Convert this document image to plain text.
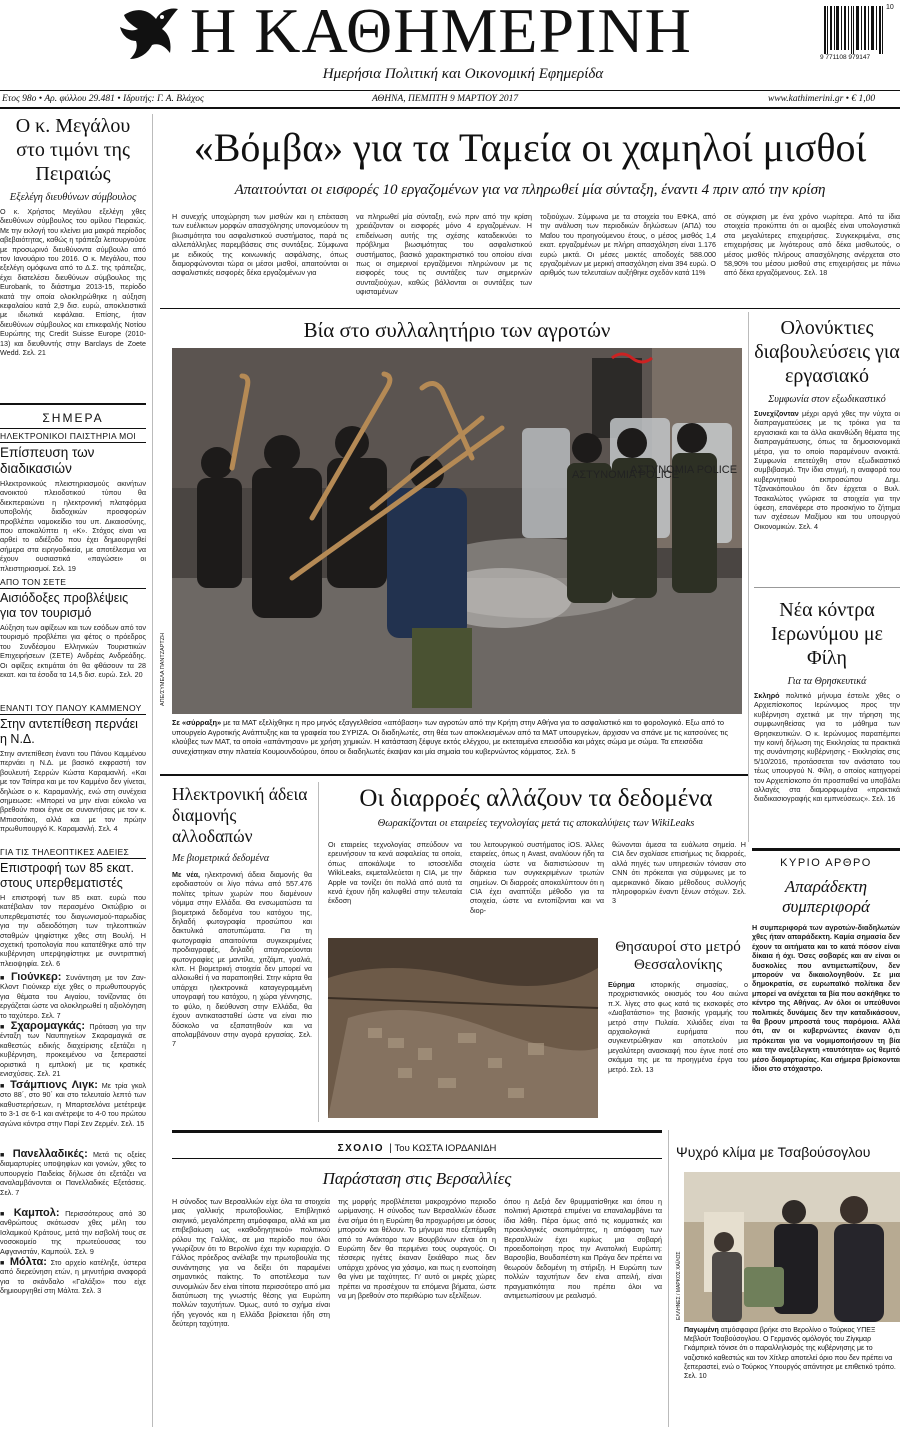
Η ΚΑΘΗΜΕΡΙΝΗ
Ημερήσια Πολιτική και Οικονομική Εφημερίδα
10
9 771108 979147
Ετος 98ο • Αρ. φύλλου 29.481 • Ιδρυτής: Γ. Α. Βλάχος	ΑΘΗΝΑ, ΠΕΜΠΤΗ 9 ΜΑΡΤΙΟΥ 2017	www.kathimerini.gr • € 1,00
Ο κ. Μεγάλου στο τιμόνι της Πειραιώς
Εξελέγη διευθύνων σύμβουλος
Ο κ. Χρήστος Μεγάλου εξελέγη χθες διευθύνων σύμβουλος του ομίλου Πειραιώς. Με την εκλογή του κλείνει μια μακρά περίοδος αβεβαιότητας, καθώς η τράπεζα λειτουργούσε με προσωρινό διευθύνοντα σύμβουλο από τον Ιανουάριο του 2016. Ο κ. Μεγάλου, που εξελέγη ομόφωνα από το Δ.Σ. της τράπεζας, έχει διατελέσει διευθύνων σύμβουλος της Eurobank, το διάστημα 2013-15, περίοδο κατά την οποία ολοκληρώθηκε η αύξηση κεφαλαίου κατά 2,9 δισ. ευρώ, αποκλειστικά με ιδιωτικά κεφάλαια. Επίσης, ήταν διευθύνων σύμβουλος και επικεφαλής Νοτίου Ευρώπης της Credit Suisse Europe (2010-13) και διευθυντής στην Barclays de Zoete Wedd. Σελ. 21
ΣΗΜΕΡΑ
ΗΛΕΚΤΡΟΝΙΚΟΙ ΠΑΙΣΤΗΡΙΑ ΜΟΙ
Επίσπευση των διαδικασιών
Ηλεκτρονικούς πλειστηριασμούς ακινήτων ανοικτού πλειοδοτικού τύπου θα διεκπεραιώνει η ηλεκτρονική πλατφόρμα υποβολής διαδοχικών προσφορών προβλέπει ναμοκείδιο του υπ. Δικαιοσύνης, που αποκαλύπτει η «Κ». Στόχος είναι να αρθεί το αδιέξοδο που έχει δημιουργηθεί σήμερα στα ειρηνοδικεία, με αποτέλεσμα να έχουν ουσιαστικά «παγώσει» οι πλειστηριασμοί. Σελ. 19
ΑΠΟ ΤΟΝ ΣΕΤΕ
Αισιόδοξες προβλέψεις για τον τουρισμό
Αύξηση των αφίξεων και των εσόδων από τον τουρισμό προβλέπει για φέτος ο πρόεδρος του Συνδέσμου Ελληνικών Τουριστικών Επιχειρήσεων (ΣΕΤΕ) Ανδρέας Ανδρεάδης. Οι αφίξεις εκτιμάται ότι θα φθάσουν τα 28 εκατ. και τα έσοδα τα 14,5 δισ. ευρώ. Σελ. 20
ΕΝΑΝΤΙ ΤΟΥ ΠΑΝΟΥ ΚΑΜΜΕΝΟΥ
Στην αντεπίθεση περνάει η Ν.Δ.
Στην αντεπίθεση έναντι του Πάνου Καμμένου περνάει η Ν.Δ. με βασικό εκφραστή τον βουλευτή Σερρών Κώστα Καραμανλή. «Και με τον Τσίπρα και με τον Καμμένο δεν γίνεται, δηλώσε ο κ. Καραμανλής, ενώ στη συνέχεια σημειωσε: «Μπορεί να μην είναι εύκολο να βρεθούν ποιοι έγινε σε συναντήσεις με τον κ. Μπισοτάκη, αλλά και με τον πρώην πρωθυπουργό Κ. Καραμανλή. Σελ. 4
ΓΙΑ ΤΙΣ ΤΗΛΕΟΠΤΙΚΕΣ ΑΔΕΙΕΣ
Επιστροφή των 85 εκατ. στους υπερθεματιστές
Η επιστροφή των 85 εκατ. ευρώ που κατέβαλαν τον περασμένο Οκτώβριο οι υπερθεματιστές του διαγωνισμού-παρωδίας για την αδειοδότηση των τηλεοπτικών σταθμών ψηφίστηκε χθες στη Βουλή. Η σχετική τροπολογία που κατατέθηκε από την κυβέρνηση υπερψηφίστηκε με συντριπτική πλειοψηφία. Σελ. 6
■ Γιούνκερ: Συνάντηση με τον Ζαν-Κλοντ Γιούνκερ είχε χθες ο πρωθυπουργός για θέματα του Αιγαίου, τονίζοντας ότι εργάζεται ώστε να ολοκληρωθεί η αξιολόγηση το ταχύτερο. Σελ. 7
■ Σχαρομαγκάς: Πρόταση για την ένταξη των Ναυπηγείων Σκαραμαγκά σε καθεστώς ειδικής διαχείρισης εξετάζει η κυβέρνηση, προκειμένου να ξεπεραστεί οριστικά η εμπλοκή με τις κρατικές ενισχύσεις. Σελ. 21
■ Τσάμπιονς Λιγκ: Με τρία γκολ στο 88΄, στο 90΄ και στο τελευταίο λεπτό των καθυστερήσεων, η Μπαρτσελόνα μετέτρεψε το 3-1 σε 6-1 και ανέτρεψε το 4-0 του πρώτου αγώνα κόντρα στην Παρί Σεν Ζερμέν. Σελ. 15
■ Πανελλαδικές: Μετά τις οξείες διαμαρτυρίες υποψηφίων και γονιών, χθες το υπουργείο Παιδείας δήλωσε ότι εξετάζει να αναλαμβάνονται οι Πανελλαδικές Εξετάσεις. Σελ. 7
■ Καμπολ: Περισσότερους από 30 ανθρώπους σκότωσαν χθες μέλη του Ισλαμικού Κράτους, μετά την εισβολή τους σε νοσοκομείο της πρωτεύουσας του Αφγανιστάν, Καμπούλ. Σελ. 9
■ Μόλτα: Στο αρχείο κατέληξε, ύστερα από διερεύνηση ετών, η μηνυτήρια αναφορά για το σκάνδαλο «Γαλάξιο» που είχε δημιουργηθεί στη Μάλτα. Σελ. 3
«Βόμβα» για τα Ταμεία οι χαμηλοί μισθοί
Απαιτούνται οι εισφορές 10 εργαζομένων για να πληρωθεί μία σύνταξη, έναντι 4 πριν από την κρίση
Η συνεχής υποχώρηση των μισθών και η επέκταση των ευέλικτων μορφών απασχόλησης υπονομεύουν τη βιωσιμότητα του ασφαλιστικού συστήματος, παρά τις αλλεπάλληλες παρεμβάσεις στις συντάξεις. Σύμφωνα με ειδικούς της κοινωνικής ασφάλισης, όπως διαμορφώνονται τώρα οι μέσοι μισθοί, απαιτούνται οι ασφαλιστικές εισφορές δέκα εργαζομένων για
να πληρωθεί μία σύνταξη, ενώ πριν από την κρίση χρειάζονταν οι εισφορές μόνο 4 εργαζομένων. Η επιδείνωση αυτής της σχέσης καταδεικνύει το πρόβλημα βιωσιμότητας του ασφαλιστικού συστήματος, βασικό χαρακτηριστικό του οποίου είναι πως οι σημερινοί εργαζόμενοι πληρώνουν με τις εισφορές τους τις συντάξεις των σημερινών συνταξιούχων, καθώς βάλλονται οι συντάξεις των υφισταμένων
τοξιούχων. Σύμφωνα με τα στοιχεία του ΕΦΚΑ, από την ανάλυση των περιοδικών δηλώσεων (ΑΠΔ) του Μαΐου του προηγούμενου έτους, ο μέσος μισθός 1,4 εκατ. εργαζομένων με πλήρη απασχόληση είναι 1.176 ευρώ μικτά. Οι μέσες μεικτές αποδοχές 588.000 εργαζομένων με μερική απασχόληση είναι 394 ευρώ. Ο αριθμός των τελευταίων αυξήθηκε σχεδόν κατά 11%
σε σύγκριση με ένα χρόνο νωρίτερα. Από τα ίδια στοιχεία προκύπτει ότι οι αμοιβές είναι υπολογιστικά στα μεγαλύτερες επιχειρήσεις. Συγκεκριμένα, στις επιχειρήσεις με λιγότερους από δέκα μισθωτούς, ο μέσος μισθός πλήρους απασχόλησης ανέρχεται στο 58,90% του μέσου μισθού στις επιχειρήσεις με πάνω από δέκα εργαζόμενους. Σελ. 18
Βία στο συλλαλητήριο των αγροτών
ΑΣΤΥΝΟΜΙΑ POLICE
ΑΣΤΥΝΟΜΙΑ POLICE
ΑΠΕ/ΣΥΜΕΛΑ ΠΑΝΤΖΑΡΤΖΗ
Σε «σύρραξη» με τα ΜΑΤ εξελίχθηκε η προ μηνός εξαγγελθείσα «απόβαση» των αγροτών από την Κρήτη στην Αθήνα για το ασφαλιστικό και το φορολογικό. Εξω από το υπουργείο Αγροτικής Ανάπτυξης και τα γραφεία του ΣΥΡΙΖΑ. Οι διαδηλωτές, στη θέα των αποκλεισμένων από τα ΜΑΤ υπουργείων, άρχισαν να σπάνε με τις κατσούνες τις κλούβες των ΜΑΤ, τα οποία «απάντησαν» με χρήση χημικών. Η κατάσταση ξέφυγε εκτός ελέγχου, με εκτεταμένα επεισόδια και μάχες σώμα με σώμα. Τα επεισόδια συνεχίστηκαν στην πλατεία Κουμουνδούρου, όπου οι διαδηλωτές έκαψαν και μία σημαία του κυβερνώντος κόμματος. Σελ. 5
Ολονύκτιες διαβουλεύσεις για εργασιακό
Συμφωνία στον εξωδικαστικό
Συνεχίζονταν μέχρι αργά χθες την νύχτα οι διαπραγματεύσεις με τις τρόικα για τα εργασιακά και τα άλλα ακανθώδη θέματα της διαπραγμάτευσης, όπως τα δημοσιονομικά μέτρα, για το οποίο παραμένουν ανοικτά. Συμφωνία επετεύχθη στον εξωδικαστικό συμβιβασμό. Την ίδια στιγμή, η αναφορά του κυβερνητικού εκπροσώπου Δημ. Τζανακόπουλου ότι δεν έρχεται ο Βυιλ. Τσακαλώτος γνώρισε τα στοιχεία για την ύφεση, επανέφερε στο προσκήνιο το ζήτημα των σχέσεων Μαξίμου και του υπουργού Οικονομικών. Σελ. 4
Νέα κόντρα Ιερωνύμου με Φίλη
Για τα Θρησκευτικά
Σκληρό πολιτικό μήνυμα έστειλε χθες ο Αρχιεπίσκοπος Ιερώνυμος προς την κυβέρνηση σχετικά με την τήρηση της συμφωνηθείσας για το μάθημα των Θρησκευτικών. Ο κ. Ιερώνυμος παραπέμπει την κοινή δήλωση της Εκκλησίας τα πρακτικά της συνάντησης κυβέρνησης - Εκκλησίας στις 5/10/2016, προτάσσεται τον ανάστατο του τέως υπουργού Ν. Φίλη, ο οποίος κατηγορεί τον Αρχιεπίσκοπο ότι προσπαθεί να υποβάλει αλλαγές στα διαμορφωμένα «πρακτικά διαδικασιογραφής και εμπνεύσεως». Σελ. 16
ΚΥΡΙΟ ΑΡΘΡΟ
Απαράδεκτη συμπεριφορά
Η συμπεριφορά των αγροτών-διαδηλωτών χθες ήταν απαράδεκτη. Καμία σημασία δεν έχουν τα αιτήματα και το κατά πόσον είναι δίκαια ή όχι. Όσες σοβαρές και αν είναι οι δυσκολίες που αντιμετωπίζουν, δεν μπορούν να δικαιολογηθούν. Σε μια δημοκρατία, σε ευρωπαϊκό πολίτικα δεν μπορεί να ανέχεται τα βία που ασκήθηκε το κέντρο της Αθήνας. Αν όλοι οι υπεύθυνοι πολιτικές δυνάμεις δεν την καταδικάσουν, θα βρουν μπροστά τους παρόμοια. Αλλά ότι, αν οι κυβερνώντες έκαναν ό,τι πρόκειται για να νομιμοποιήσουν τη βία και την ανεξέλεγκτη «ταυτότητα» ως θεμιτό μέσο διαμαρτυρίας. Και σήμερα βρίσκονται ίδιοι στο στόχαστρο.
Ψυχρό κλίμα με Τσαβούσογλου
ΕΛΛΗΝΕΣ / ΜΑΡΚΟΣ ΧΑΪΛΟΣ
Παγωμένη ατμόσφαιρα βρήκε στο Βερολίνο ο Τούρκος ΥΠΕΞ Μεβλούτ Τσαβούσογλου. Ο Γερμανός ομόλογός του Ζίγκμαρ Γκάμπριελ τόνισε ότι ο παραλληλισμός της κυβέρνησης με το ναζιστικό καθεστώς και τον Χίτλερ αποτελεί όριο που δεν πρέπει να ξεπεραστεί, ενώ ο Τούρκος Υπουργός απάντησε με επιθετικό τρόπο. Σελ. 10
Ηλεκτρονική άδεια διαμονής αλλοδαπών
Με βιομετρικά δεδομένα
Με νέα, ηλεκτρονική άδεια διαμονής θα εφοδιαστούν οι λίγο πάνω από 557.476 πολίτες τρίτων χωρών που διαμένουν νόμιμα στην Ελλάδα. Θα ενσωματώσει τα βιομετρικά δεδομένα του κατόχου της, δηλαδή φωτογραφία προσώπου και δακτυλικά αποτυπώματα. Για τη φωτογραφία απαιτούνται συγκεκριμένες προδιαγραφές, δηλαδή απαγορεύονται φωτογραφίες με μαντίλα, χιτζάμπ, γυαλιά, κλπ. Η βιομετρική στοιχεία δεν μπορεί να αλλοιωθεί ή να παραποιηθεί. Στην κάρτα θα υπάρχει ηλεκτρονικά καταγεγραμμένη υπογραφή του κατόχου, η χώρα γέννησης, το φύλο, η διεύθυνση στην Ελλάδα, θα έχουν αντικατασταθεί ώστε να είναι πιο δύσκολο να εξαπατηθούν και να απολαμβάνουν στην αγορά εργασίας. Σελ. 7
Οι διαρροές αλλάζουν τα δεδομένα
Θωρακίζονται οι εταιρείες τεχνολογίας μετά τις αποκαλύψεις των WikiLeaks
Οι εταιρείες τεχνολογίας σπεύδουν να ερευνήσουν τα κενά ασφαλείας τα οποία, όπως αποκάλυψε το ιστοσελίδα WikiLeaks, εκμεταλλεύεται η CIA, με την Apple να τονίζει ότι πολλά από αυτά τα κενά έχουν ήδη καλυφθεί στην τελευταία έκδοση
του λειτουργικού συστήματος iOS. Άλλες εταιρείες, όπως η Avast, αναλύουν ήδη τα στοιχεία ώστε να διαπιστώσουν τη διάρκεια των συγκεκριμένων τρωτών σημείων. Οι διαρροές αποκαλύπτουν ότι η CIA έχει αναπτύξει μέθοδο για τα στοιχεία, ώστε να εντοπίζονται και να διορ-
θώνονται άμεσα τα ευάλωτα σημεία. Η CIA δεν σχολίασε επισήμως τις διαρροές, αλλά πηγές των υπηρεσιών τόνισαν στο CNN ότι πρόκειται για σύμφωνες με το αμερικανικό δίκαιο μέθοδους συλλογής πληροφοριών έναντι ξένων στόχων. Σελ. 3
Θησαυροί στο μετρό Θεσσαλονίκης
Εύρημα ιστορικής σημασίας, ο προχριστιανικός οικισμός του 4ου αιώνα π.Χ. λίγες στο φως κατά τις εκσκαφές στο «Διαβατάστιο» της βασικής γραμμής του μετρό στην Πυλαία. Χιλιάδες είναι τα αρχαιολογικά ευρήματα που συγκεντρώθηκαν και αποτελούν μια μεγαλύτερη ανασκαφή που έγινε ποτέ στο σκάμμα της με τα προηγμένα έργα του μετρό. Σελ. 13
ΣΧΟΛΙΟ | Του ΚΩΣΤΑ ΙΟΡΔΑΝΙΔΗ
Παράσταση στις Βερσαλλίες
Η σύνοδος των Βερσαλλιών είχε όλα τα στοιχεία μιας γαλλικής πρωτοβουλίας. Επιβλητικό σκηνικό, μεγαλόπρεπη ατμόσφαιρα, αλλά και μια επιβεβαίωση ως «καθοδηγητικού» πολιτικού ρόλου της Γαλλίας, σε μια περίοδο που όλοι γνωρίζουν ότι το Βερολίνο έχει την κυριαρχία. Ο Γάλλος πρόεδρος ανέλαβε την πρωτοβουλία της συνάντησης για να δείξει ότι παραμένει σημαντικός παίκτης. Το αποτέλεσμα των συνομιλιών δεν είναι τίποτα περισσότερο από μια διατύπωση της γνωστής θέσης για Ευρώπη πολλών ταχυτήτων. Όμως, αυτό το σχήμα είναι ήδη γεγονός και η Ελλάδα βρίσκεται ήδη στη δεύτερη ταχύτητα.
της μορφής προβλέπεται μακροχρόνιο περιοδο ωρίμανσης. Η σύνοδος των Βερσαλλιών έδωσε ένα σήμα ότι η Ευρώπη θα προχωρήσει με όσους μπορούν και θέλουν. Το μήνυμα που εξεπέμφθη από το Ανάκτορο των Βουρβόνων είναι ότι η Ευρώπη δεν θα περιμένει τους ουραγούς. Οι τέσσερις ηγέτες έκαναν ξεκάθαρο πως δεν υπάρχει χρόνος για χάσιμο, και πως η ενοποίηση θα γίνει με ταχύτητες. Γι' αυτό οι μικρές χώρες πρέπει να προσέχουν τα επόμενα βήματα, ώστε να μη βρεθούν στο περιθώριο των εξελίξεων.
όπου η Δεξιά δεν θρυμματίσθηκε και όπου η πολιτική Αριστερά επιμένει να επαναλαμβάνει τα ίδια λάθη. Πέρα όμως από τις κομματικές και προεκλογικές σκοπιμότητες, η απόφαση των Βερσαλλιών έχει κυρίως μια σοβαρή προειδοποίηση προς την Ανατολική Ευρώπη: Βαρσοβία, Βουδαπέστη και Πράγα δεν πρέπει να θεωρούν δεδομένη τη στήριξη. Η Ευρώπη των πολλών ταχυτήτων δεν είναι απειλή, είναι πραγματικότητα που πρέπει όλοι να αντιμετωπίσουν με ρεαλισμό.
